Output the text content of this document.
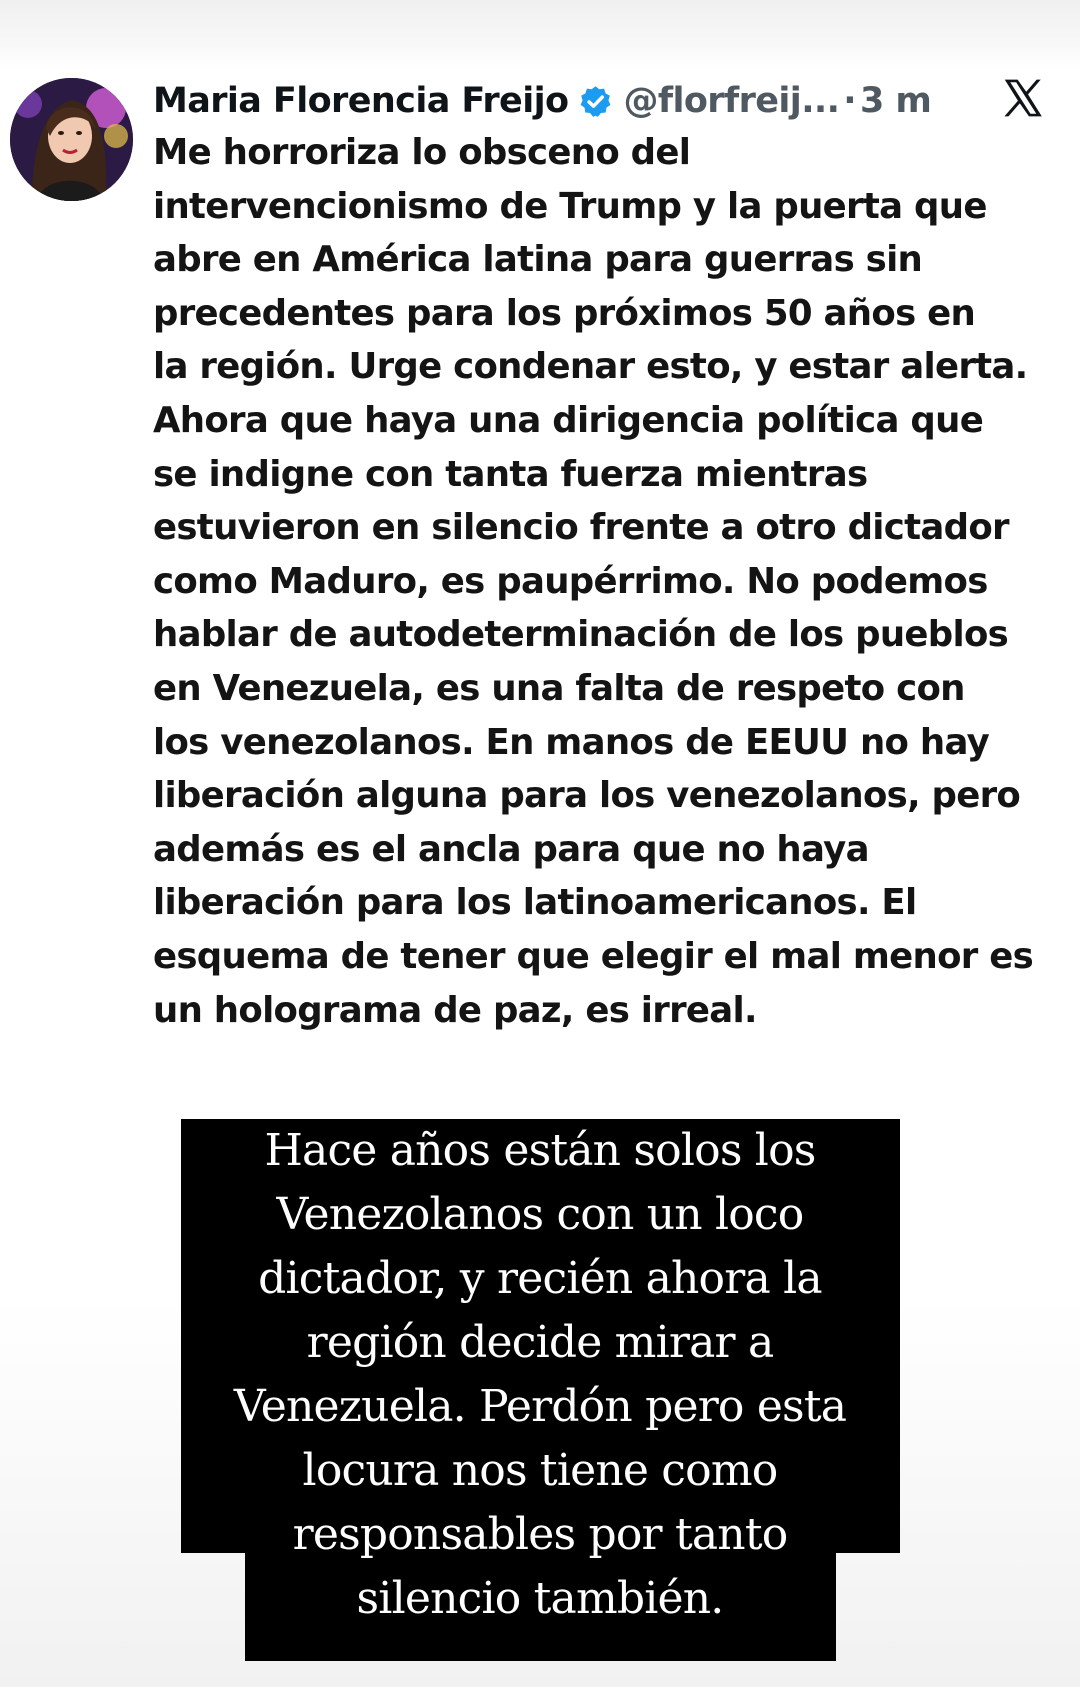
Maria Florencia Freijo @florfreij... · 3 m

Me horroriza lo obsceno del
intervencionismo de Trump y la puerta que
abre en América latina para guerras sin
precedentes para los próximos 50 años en
la región. Urge condenar esto, y estar alerta.
Ahora que haya una dirigencia política que
se indigne con tanta fuerza mientras
estuvieron en silencio frente a otro dictador
como Maduro, es paupérrimo. No podemos
hablar de autodeterminación de los pueblos
en Venezuela, es una falta de respeto con
los venezolanos. En manos de EEUU no hay
liberación alguna para los venezolanos, pero
además es el ancla para que no haya
liberación para los latinoamericanos. El
esquema de tener que elegir el mal menor es
un holograma de paz, es irreal.

Hace años están solos los
Venezolanos con un loco
dictador, y recién ahora la
región decide mirar a
Venezuela. Perdón pero esta
locura nos tiene como
responsables por tanto
silencio también.
